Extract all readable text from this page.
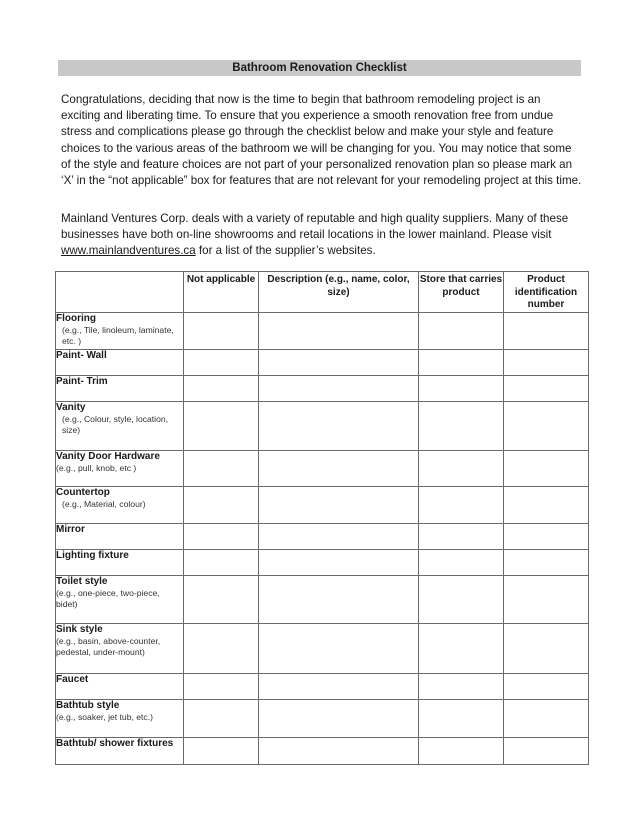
Bathroom Renovation Checklist

Congratulations, deciding that now is the time to begin that bathroom remodeling project is an exciting and liberating time. To ensure that you experience a smooth renovation free from undue stress and complications please go through the checklist below and make your style and feature choices to the various areas of the bathroom we will be changing for you. You may notice that some of the style and feature choices are not part of your personalized renovation plan so please mark an ‘X’ in the “not applicable” box for features that are not relevant for your remodeling project at this time.

Mainland Ventures Corp. deals with a variety of reputable and high quality suppliers. Many of these businesses have both on-line showrooms and retail locations in the lower mainland. Please visit www.mainlandventures.ca for a list of the supplier’s websites.

	Not applicable	Description (e.g., name, color, size)	Store that carries product	Product identification number

Flooring
(e.g., Tile, linoleum, laminate, etc. )				

Paint- Wall				

Paint- Trim				

Vanity
(e.g., Colour, style, location, size)				

Vanity Door Hardware
(e.g., pull, knob, etc )				

Countertop
(e.g., Material, colour)				

Mirror				

Lighting fixture				

Toilet style
(e.g., one-piece, two-piece, bidet)				

Sink style
(e.g., basin, above-counter, pedestal, under-mount)				

Faucet				

Bathtub style
(e.g., soaker, jet tub, etc.)				

Bathtub/ shower fixtures				
